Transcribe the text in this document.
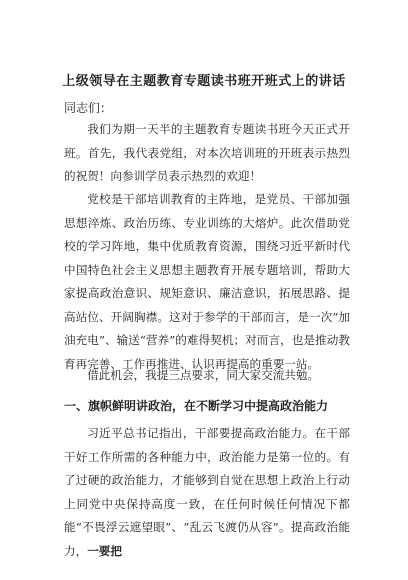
上级领导在主题教育专题读书班开班式上的讲话
同志们：

我们为期一天半的主题教育专题读书班今天正式开班。首先，我代表党组，对本次培训班的开班表示热烈的祝贺！向参训学员表示热烈的欢迎！

党校是干部培训教育的主阵地，是党员、干部加强思想淬炼、政治历练、专业训练的大熔炉。此次借助党校的学习阵地，集中优质教育资源，围绕习近平新时代中国特色社会主义思想主题教育开展专题培训，帮助大家提高政治意识、规矩意识、廉洁意识，拓展思路、提高站位、开阔胸襟。这对于参学的干部而言，是一次“加油充电”、输送“营养”的难得契机；对而言，也是推动教育再完善、工作再推进、认识再提高的重要一站。

借此机会，我提三点要求，同大家交流共勉。

一、旗帜鲜明讲政治，在不断学习中提高政治能力

习近平总书记指出，干部要提高政治能力。在干部干好工作所需的各种能力中，政治能力是第一位的。有了过硬的政治能力，才能够到自觉在思想上政治上行动上同党中央保持高度一致，在任何时候任何情况下都能“不畏浮云遮望眼”、“乱云飞渡仍从容”。提高政治能力，一要把
